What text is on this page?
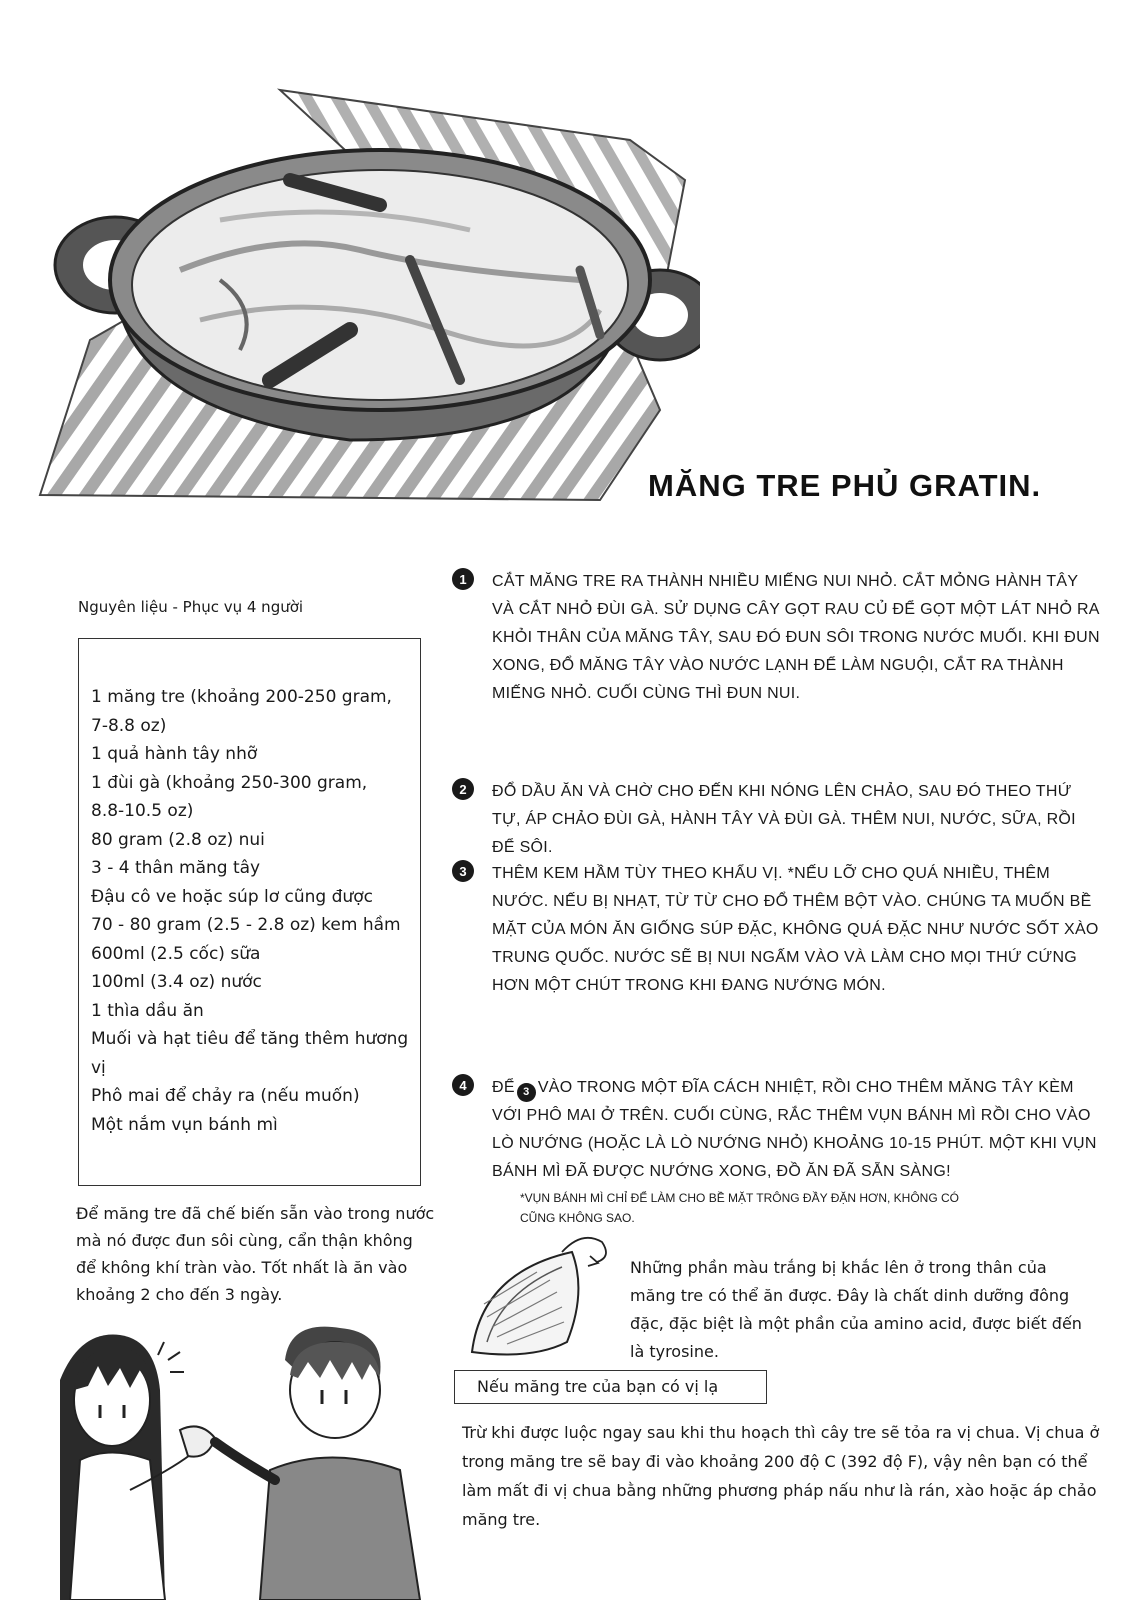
MĂNG TRE PHỦ GRATIN.
Nguyên liệu - Phục vụ 4 người
1 măng tre (khoảng 200-250 gram,
7-8.8 oz)
1 quả hành tây nhỡ
1 đùi gà (khoảng 250-300 gram,
8.8-10.5 oz)
80 gram (2.8 oz) nui
3 - 4 thân măng tây
Đậu cô ve hoặc súp lơ cũng được
70 - 80 gram (2.5 - 2.8 oz) kem hầm
600ml (2.5 cốc) sữa
100ml (3.4 oz) nước
1 thìa dầu ăn
Muối và hạt tiêu để tăng thêm hương vị
Phô mai để chảy ra (nếu muốn)
Một nắm vụn bánh mì

Để măng tre đã chế biến sẵn vào trong nước mà nó được đun sôi cùng, cẩn thận không để không khí tràn vào. Tốt nhất là ăn vào khoảng 2 cho đến 3 ngày.

1	CẮT MĂNG TRE RA THÀNH NHIỀU MIẾNG NUI NHỎ. CẮT MỎNG HÀNH TÂY VÀ CẮT NHỎ ĐÙI GÀ. SỬ DỤNG CÂY GỌT RAU CỦ ĐỂ GỌT MỘT LÁT NHỎ RA KHỎI THÂN CỦA MĂNG TÂY, SAU ĐÓ ĐUN SÔI TRONG NƯỚC MUỐI. KHI ĐUN XONG, ĐỔ MĂNG TÂY VÀO NƯỚC LẠNH ĐỂ LÀM NGUỘI, CẮT RA THÀNH MIẾNG NHỎ. CUỐI CÙNG THÌ ĐUN NUI.

2	ĐỔ DẦU ĂN VÀ CHỜ CHO ĐẾN KHI NÓNG LÊN CHẢO, SAU ĐÓ THEO THỨ TỰ, ÁP CHẢO ĐÙI GÀ, HÀNH TÂY VÀ ĐÙI GÀ. THÊM NUI, NƯỚC, SỮA, RỒI ĐỂ SÔI.

3	THÊM KEM HẦM TÙY THEO KHẨU VỊ. *NẾU LỠ CHO QUÁ NHIỀU, THÊM NƯỚC. NẾU BỊ NHẠT, TỪ TỪ CHO ĐỔ THÊM BỘT VÀO. CHÚNG TA MUỐN BỀ MẶT CỦA MÓN ĂN GIỐNG SÚP ĐẶC, KHÔNG QUÁ ĐẶC NHƯ NƯỚC SỐT XÀO TRUNG QUỐC. NƯỚC SẼ BỊ NUI NGẤM VÀO VÀ LÀM CHO MỌI THỨ CỨNG HƠN MỘT CHÚT TRONG KHI ĐANG NƯỚNG MÓN.

4	ĐỂ 3 VÀO TRONG MỘT ĐĨA CÁCH NHIỆT, RỒI CHO THÊM MĂNG TÂY KÈM VỚI PHÔ MAI Ở TRÊN. CUỐI CÙNG, RẮC THÊM VỤN BÁNH MÌ RỒI CHO VÀO LÒ NƯỚNG (HOẶC LÀ LÒ NƯỚNG NHỎ) KHOẢNG 10-15 PHÚT. MỘT KHI VỤN BÁNH MÌ ĐÃ ĐƯỢC NƯỚNG XONG, ĐỒ ĂN ĐÃ SẴN SÀNG!

*VỤN BÁNH MÌ CHỈ ĐỂ LÀM CHO BỀ MẶT TRÔNG ĐẦY ĐẶN HƠN, KHÔNG CÓ CŨNG KHÔNG SAO.

Những phần màu trắng bị khắc lên ở trong thân của măng tre có thể ăn được. Đây là chất dinh dưỡng đông đặc, đặc biệt là một phần của amino acid, được biết đến là tyrosine.

Nếu măng tre của bạn có vị lạ

Trừ khi được luộc ngay sau khi thu hoạch thì cây tre sẽ tỏa ra vị chua. Vị chua ở trong măng tre sẽ bay đi vào khoảng 200 độ C (392 độ F), vậy nên bạn có thể làm mất đi vị chua bằng những phương pháp nấu như là rán, xào hoặc áp chảo măng tre.
